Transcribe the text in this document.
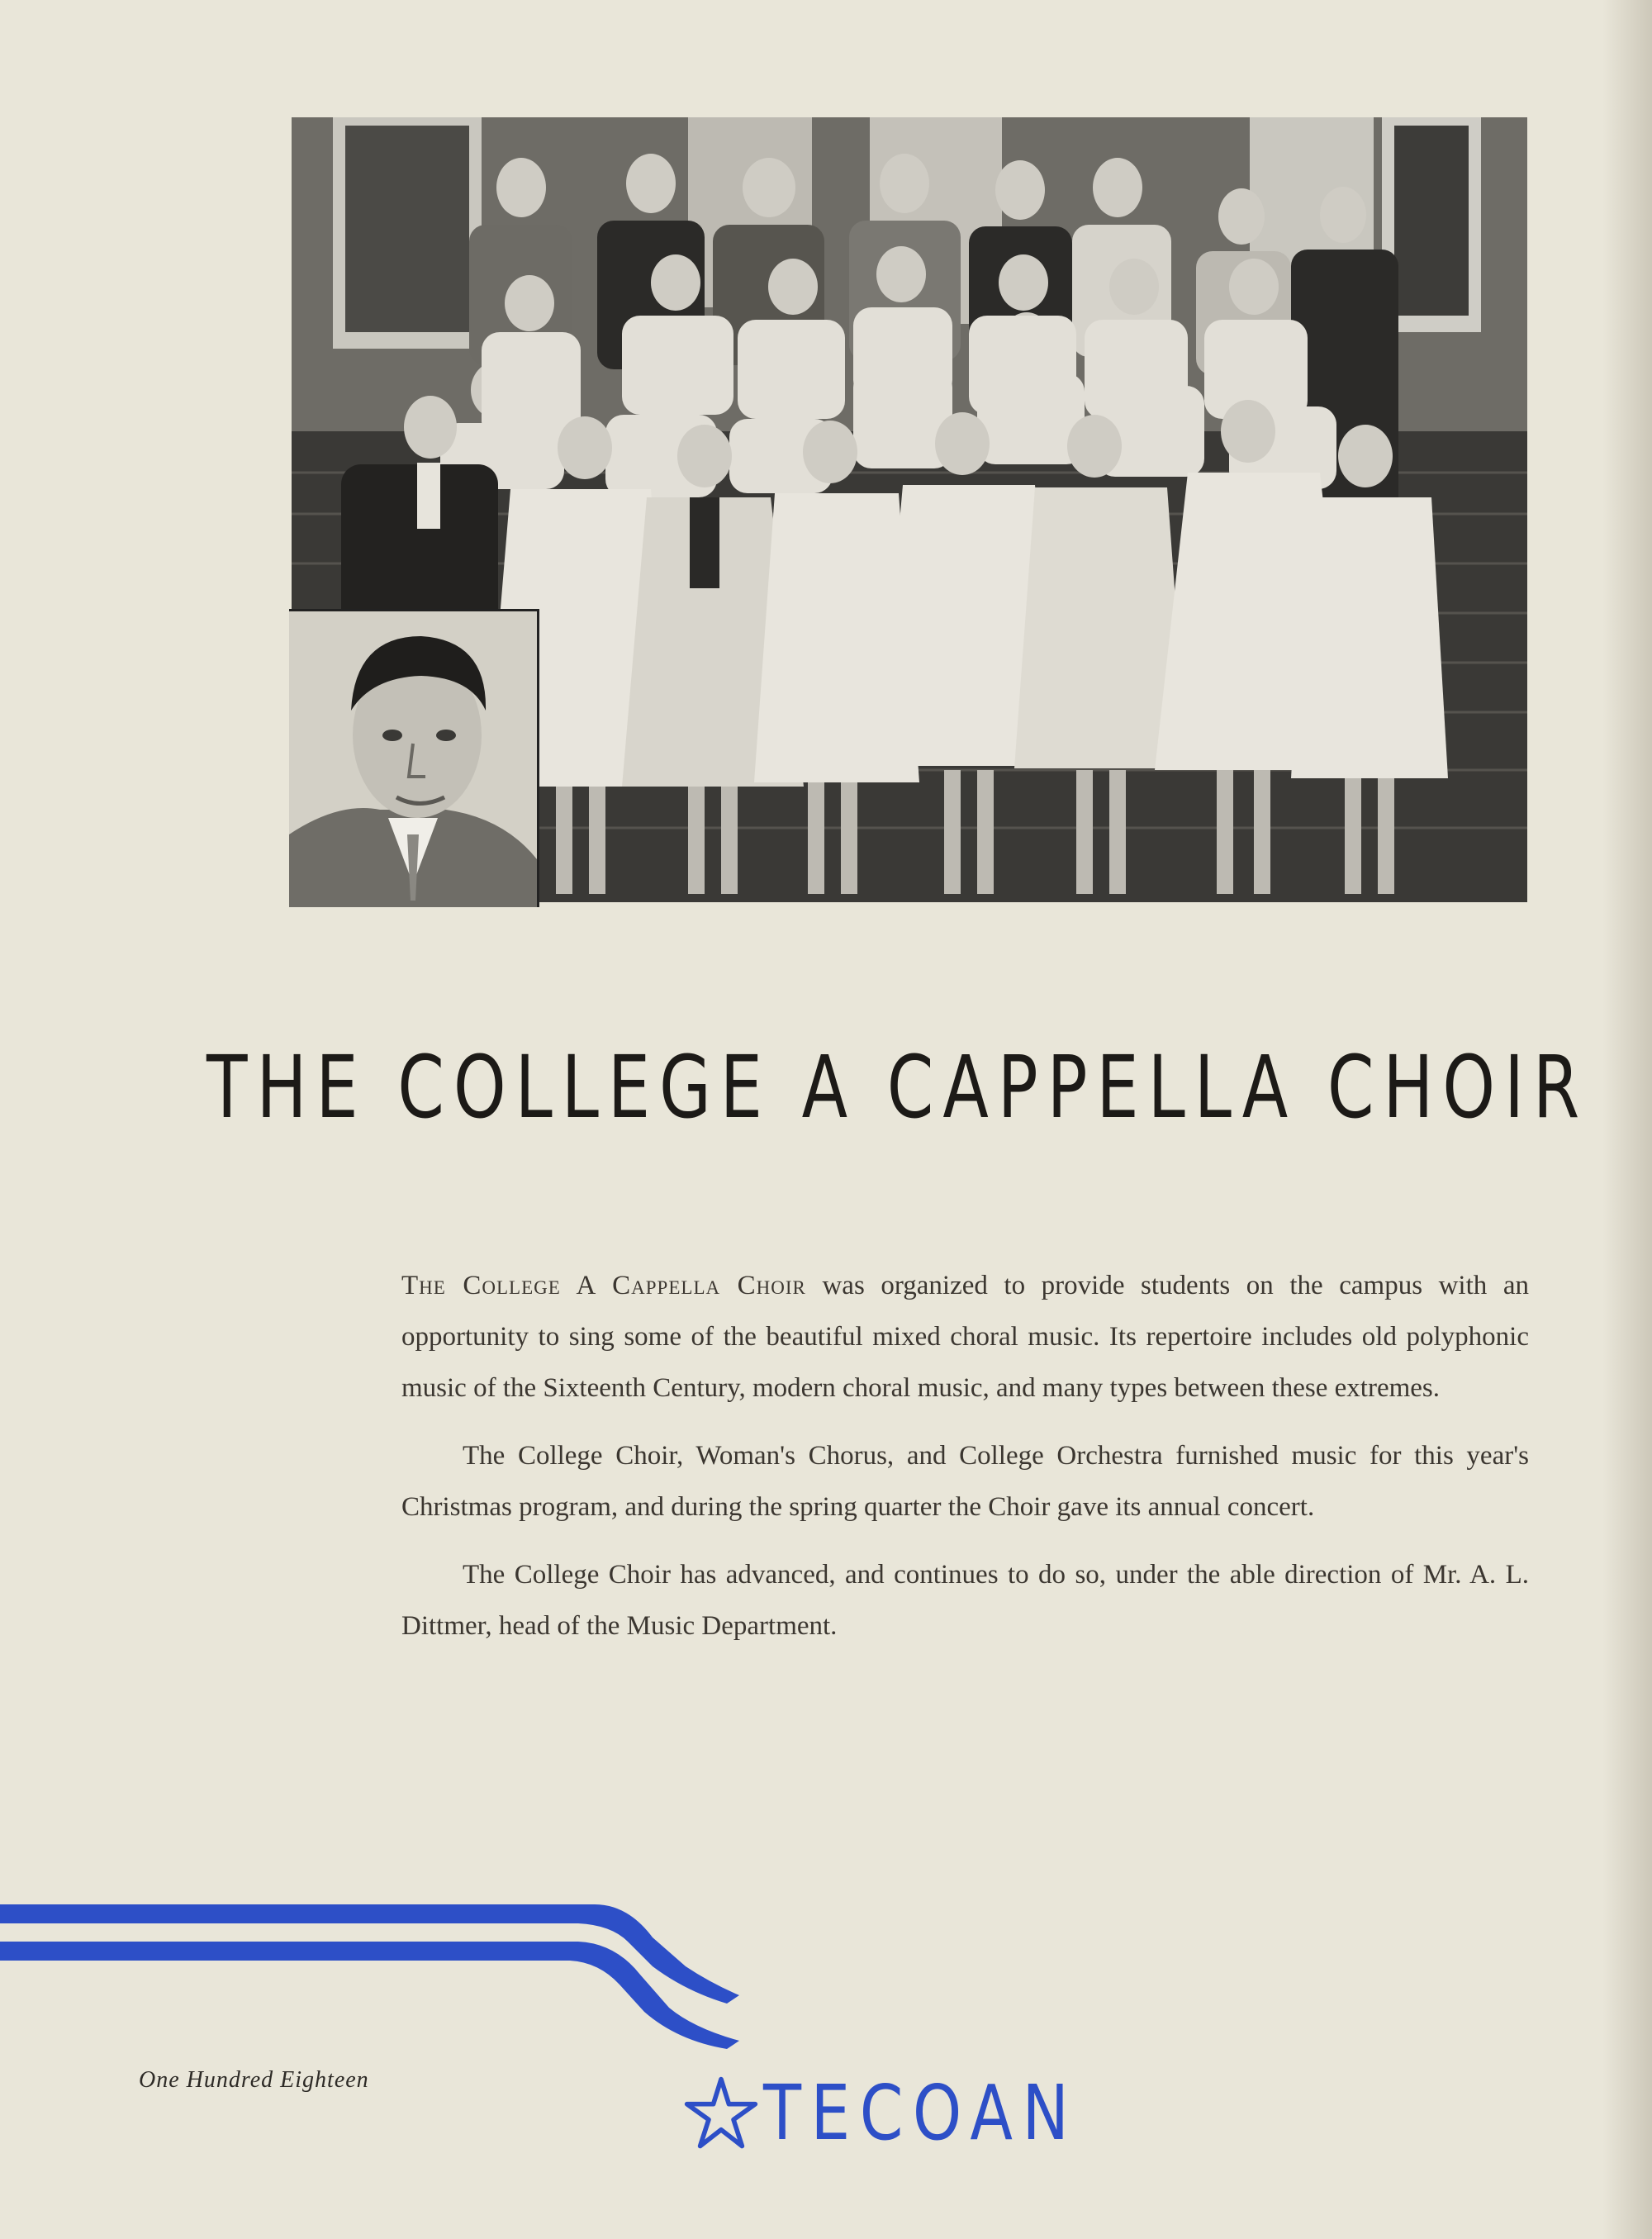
THE COLLEGE A CAPPELLA CHOIR

The College A Cappella Choir was organized to provide students on the campus with an opportunity to sing some of the beautiful mixed choral music. Its repertoire includes old polyphonic music of the Sixteenth Century, modern choral music, and many types between these extremes.

The College Choir, Woman's Chorus, and College Orchestra furnished music for this year's Christmas program, and during the spring quarter the Choir gave its annual concert.

The College Choir has advanced, and continues to do so, under the able direction of Mr. A. L. Dittmer, head of the Music Department.

One Hundred Eighteen	TECOAN
